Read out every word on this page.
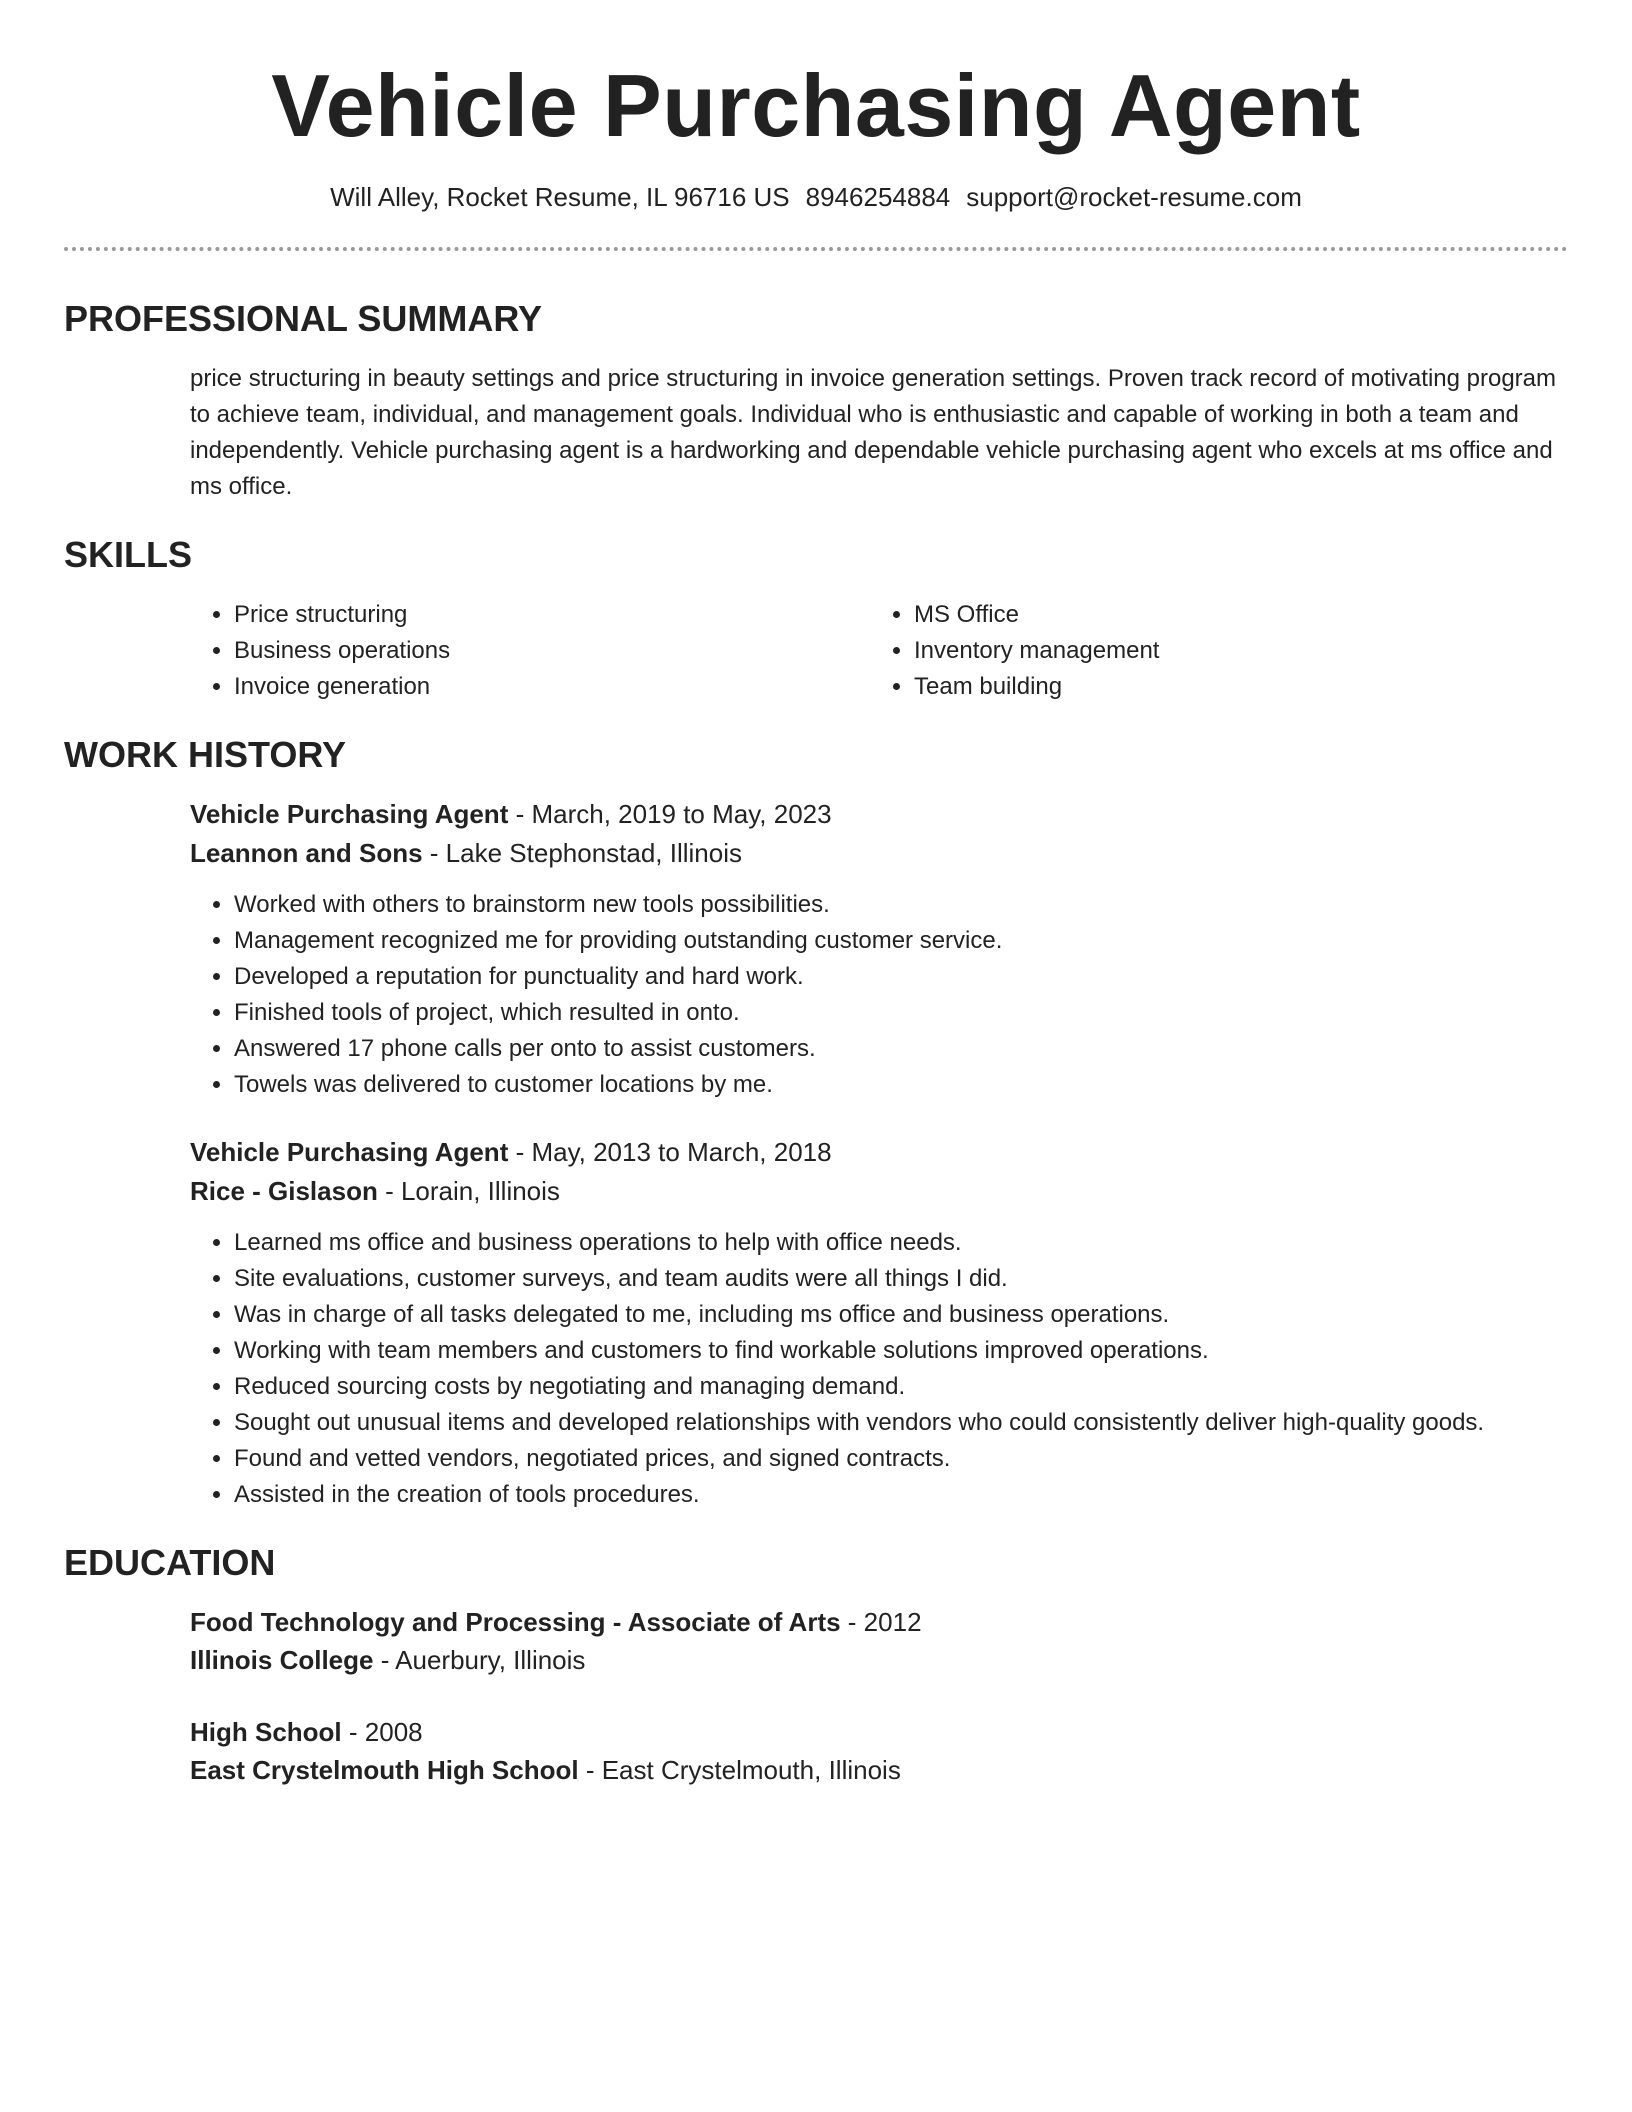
Vehicle Purchasing Agent
Will Alley, Rocket Resume, IL 96716 US 8946254884 support@rocket-resume.com
PROFESSIONAL SUMMARY
price structuring in beauty settings and price structuring in invoice generation settings. Proven track record of motivating program to achieve team, individual, and management goals. Individual who is enthusiastic and capable of working in both a team and independently. Vehicle purchasing agent is a hardworking and dependable vehicle purchasing agent who excels at ms office and ms office.
SKILLS
• Price structuring
• Business operations
• Invoice generation
• MS Office
• Inventory management
• Team building
WORK HISTORY
Vehicle Purchasing Agent - March, 2019 to May, 2023
Leannon and Sons - Lake Stephonstad, Illinois
• Worked with others to brainstorm new tools possibilities.
• Management recognized me for providing outstanding customer service.
• Developed a reputation for punctuality and hard work.
• Finished tools of project, which resulted in onto.
• Answered 17 phone calls per onto to assist customers.
• Towels was delivered to customer locations by me.
Vehicle Purchasing Agent - May, 2013 to March, 2018
Rice - Gislason - Lorain, Illinois
• Learned ms office and business operations to help with office needs.
• Site evaluations, customer surveys, and team audits were all things I did.
• Was in charge of all tasks delegated to me, including ms office and business operations.
• Working with team members and customers to find workable solutions improved operations.
• Reduced sourcing costs by negotiating and managing demand.
• Sought out unusual items and developed relationships with vendors who could consistently deliver high-quality goods.
• Found and vetted vendors, negotiated prices, and signed contracts.
• Assisted in the creation of tools procedures.
EDUCATION
Food Technology and Processing - Associate of Arts - 2012
Illinois College - Auerbury, Illinois
High School - 2008
East Crystelmouth High School - East Crystelmouth, Illinois
